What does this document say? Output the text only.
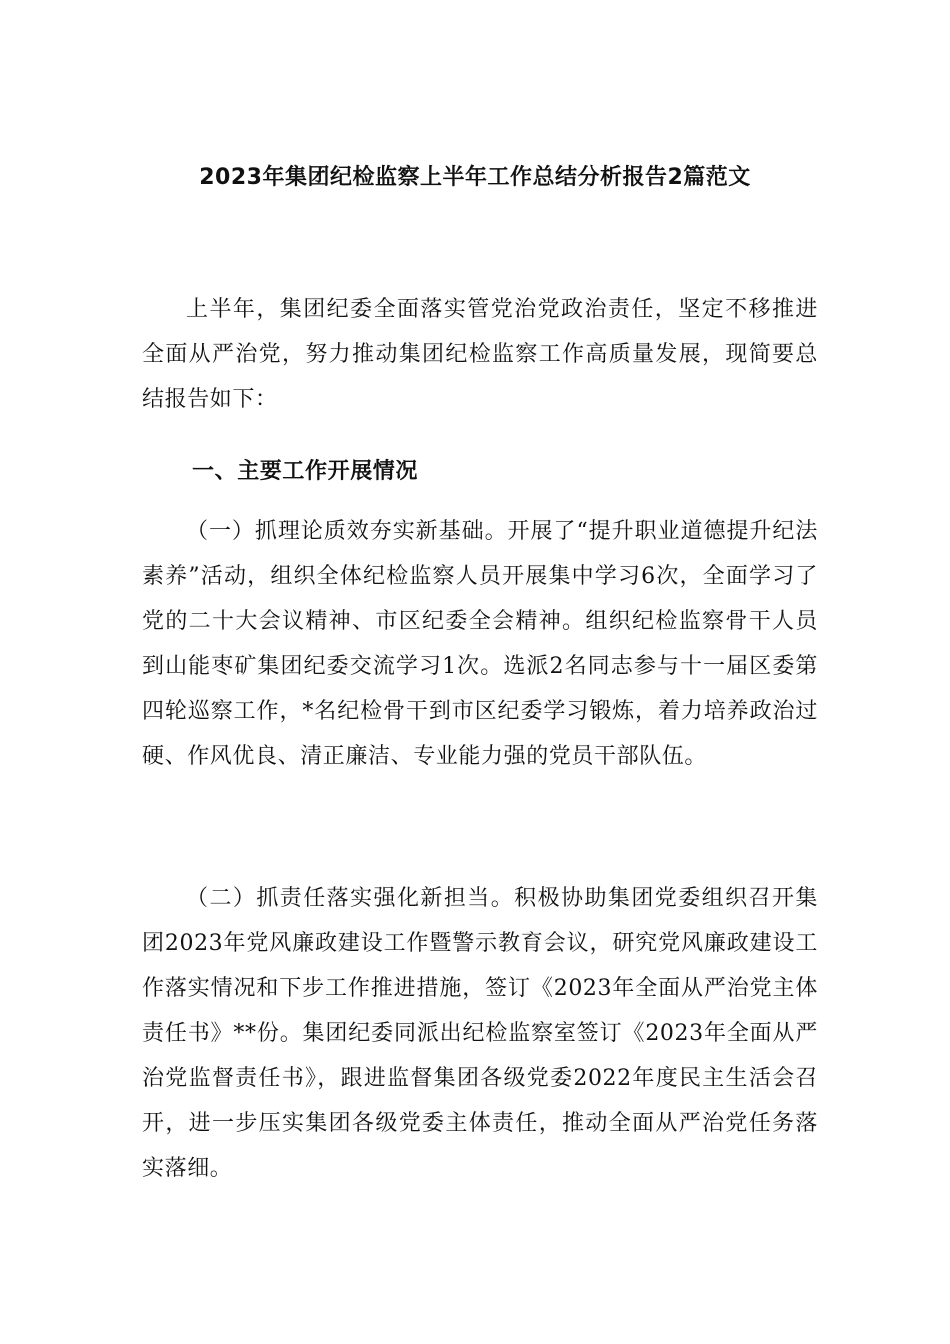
2023年集团纪检监察上半年工作总结分析报告2篇范文

上半年，集团纪委全面落实管党治党政治责任，坚定不移推进全面从严治党，努力推动集团纪检监察工作高质量发展，现简要总结报告如下：

一、主要工作开展情况

（一）抓理论质效夯实新基础。开展了“提升职业道德提升纪法素养”活动，组织全体纪检监察人员开展集中学习6次，全面学习了党的二十大会议精神、市区纪委全会精神。组织纪检监察骨干人员到山能枣矿集团纪委交流学习1次。选派2名同志参与十一届区委第四轮巡察工作，*名纪检骨干到市区纪委学习锻炼，着力培养政治过硬、作风优良、清正廉洁、专业能力强的党员干部队伍。

（二）抓责任落实强化新担当。积极协助集团党委组织召开集团2023年党风廉政建设工作暨警示教育会议，研究党风廉政建设工作落实情况和下步工作推进措施，签订《2023年全面从严治党主体责任书》**份。集团纪委同派出纪检监察室签订《2023年全面从严治党监督责任书》，跟进监督集团各级党委2022年度民主生活会召开，进一步压实集团各级党委主体责任，推动全面从严治党任务落实落细。
